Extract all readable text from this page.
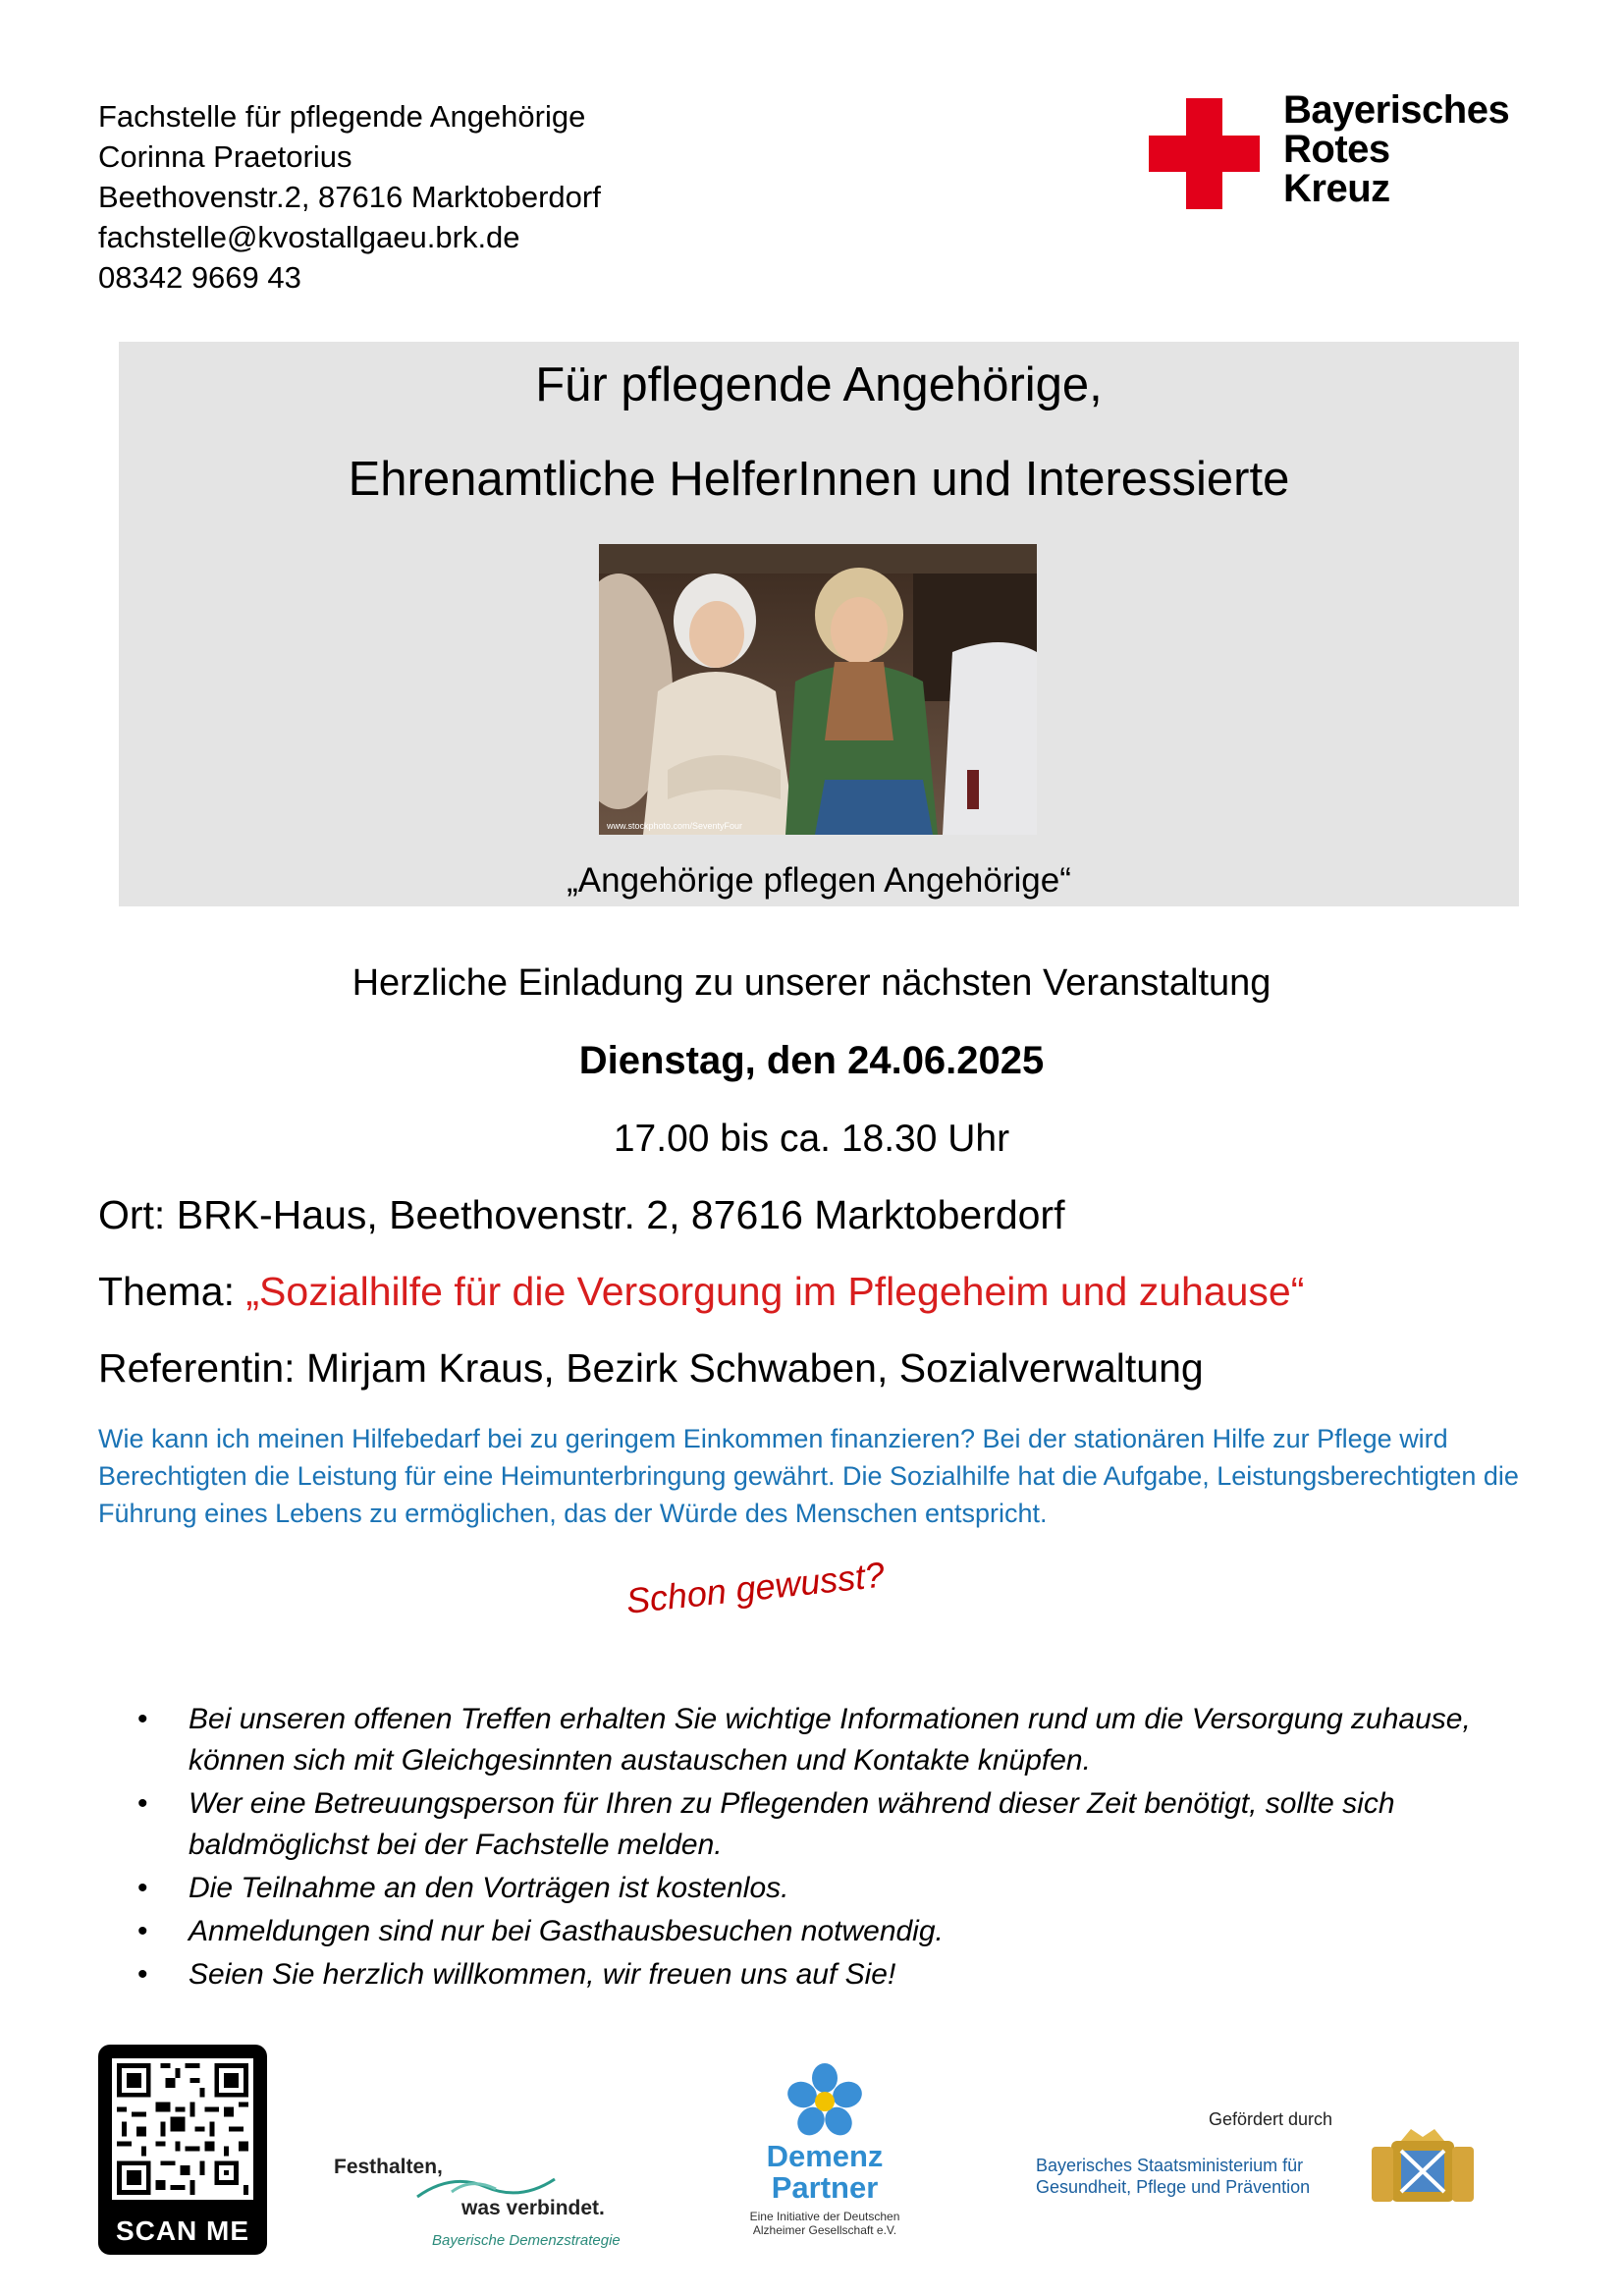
Fachstelle für pflegende Angehörige
Corinna Praetorius
Beethovenstr.2, 87616 Marktoberdorf
fachstelle@kvostallgaeu.brk.de
08342 9669 43
Bayerisches
Rotes
Kreuz
Für pflegende Angehörige,
Ehrenamtliche HelferInnen und Interessierte
www.stockphoto.com/SeventyFour
„Angehörige pflegen Angehörige“
Herzliche Einladung zu unserer nächsten Veranstaltung
Dienstag, den 24.06.2025
17.00 bis ca. 18.30 Uhr
Ort: BRK-Haus, Beethovenstr. 2, 87616 Marktoberdorf
Thema: „Sozialhilfe für die Versorgung im Pflegeheim und zuhause“
Referentin: Mirjam Kraus, Bezirk Schwaben, Sozialverwaltung
Wie kann ich meinen Hilfebedarf bei zu geringem Einkommen finanzieren? Bei der stationären Hilfe zur Pflege wird Berechtigten die Leistung für eine Heimunterbringung gewährt. Die Sozialhilfe hat die Aufgabe, Leistungsberechtigten die Führung eines Lebens zu ermöglichen, das der Würde des Menschen entspricht.
Schon gewusst?
• Bei unseren offenen Treffen erhalten Sie wichtige Informationen rund um die Versorgung zuhause, können sich mit Gleichgesinnten austauschen und Kontakte knüpfen.
• Wer eine Betreuungsperson für Ihren zu Pflegenden während dieser Zeit benötigt, sollte sich baldmöglichst bei der Fachstelle melden.
• Die Teilnahme an den Vorträgen ist kostenlos.
• Anmeldungen sind nur bei Gasthausbesuchen notwendig.
• Seien Sie herzlich willkommen, wir freuen uns auf Sie!
SCAN ME
Festhalten,
was verbindet.
Bayerische Demenzstrategie
Demenz
Partner
Eine Initiative der Deutschen
Alzheimer Gesellschaft e.V.
Gefördert durch
Bayerisches Staatsministerium für
Gesundheit, Pflege und Prävention
